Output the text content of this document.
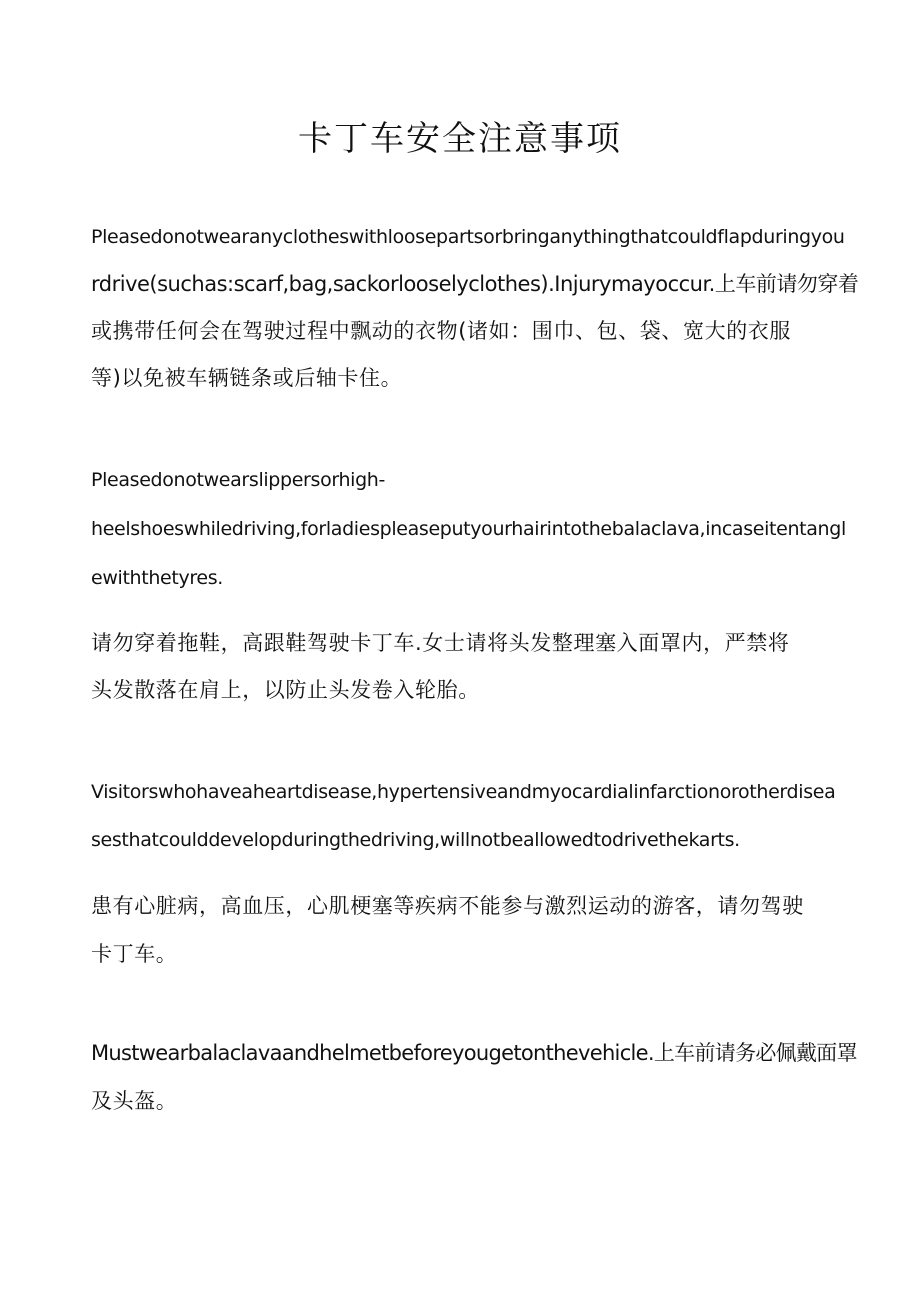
卡丁车安全注意事项

Pleasedonotwearanyclotheswithloosepartsorbringanythingthatcouldflapduringyou

rdrive(suchas:scarf,bag,sackorlooselyclothes).Injurymayoccur.上车前请勿穿着

或携带任何会在驾驶过程中飘动的衣物(诸如：围巾、包、袋、宽大的衣服

等)以免被车辆链条或后轴卡住。

Pleasedonotwearslippersorhigh-

heelshoeswhiledriving,forladiespleaseputyourhairintothebalaclava,incaseitentangl

ewiththetyres.

请勿穿着拖鞋，高跟鞋驾驶卡丁车.女士请将头发整理塞入面罩内，严禁将

头发散落在肩上，以防止头发卷入轮胎。

Visitorswhohaveaheartdisease,hypertensiveandmyocardialinfarctionorotherdisea

sesthatcoulddevelopduringthedriving,willnotbeallowedtodrivethekarts.

患有心脏病，高血压，心肌梗塞等疾病不能参与激烈运动的游客，请勿驾驶

卡丁车。

Mustwearbalaclavaandhelmetbeforeyougetonthevehicle.上车前请务必佩戴面罩

及头盔。
